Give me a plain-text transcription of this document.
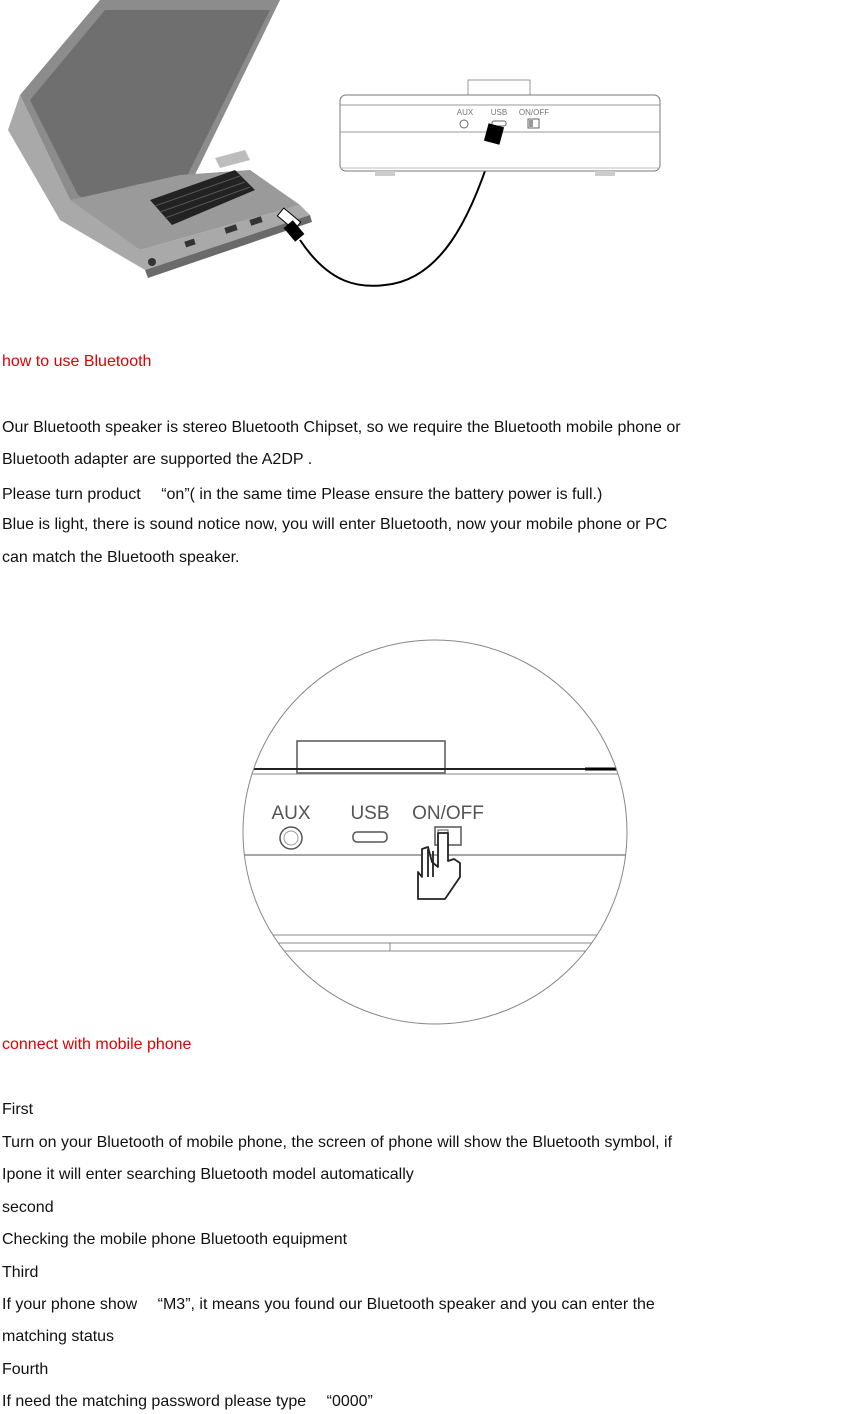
AUX USB ON/OFF
how to use Bluetooth
Our Bluetooth speaker is stereo Bluetooth Chipset, so we require the Bluetooth mobile phone or
Bluetooth adapter are supported the A2DP .
Please turn product 　“on”( in the same time Please ensure the battery power is full.)
Blue is light, there is sound notice now, you will enter Bluetooth, now your mobile phone or PC
can match the Bluetooth speaker.
AUX USB ON/OFF
connect with mobile phone
First
Turn on your Bluetooth of mobile phone, the screen of phone will show the Bluetooth symbol, if
Ipone it will enter searching Bluetooth model automatically
second
Checking the mobile phone Bluetooth equipment
Third
If your phone show 　“M3”, it means you found our Bluetooth speaker and you can enter the
matching status
Fourth
If need the matching password please type 　“0000”
